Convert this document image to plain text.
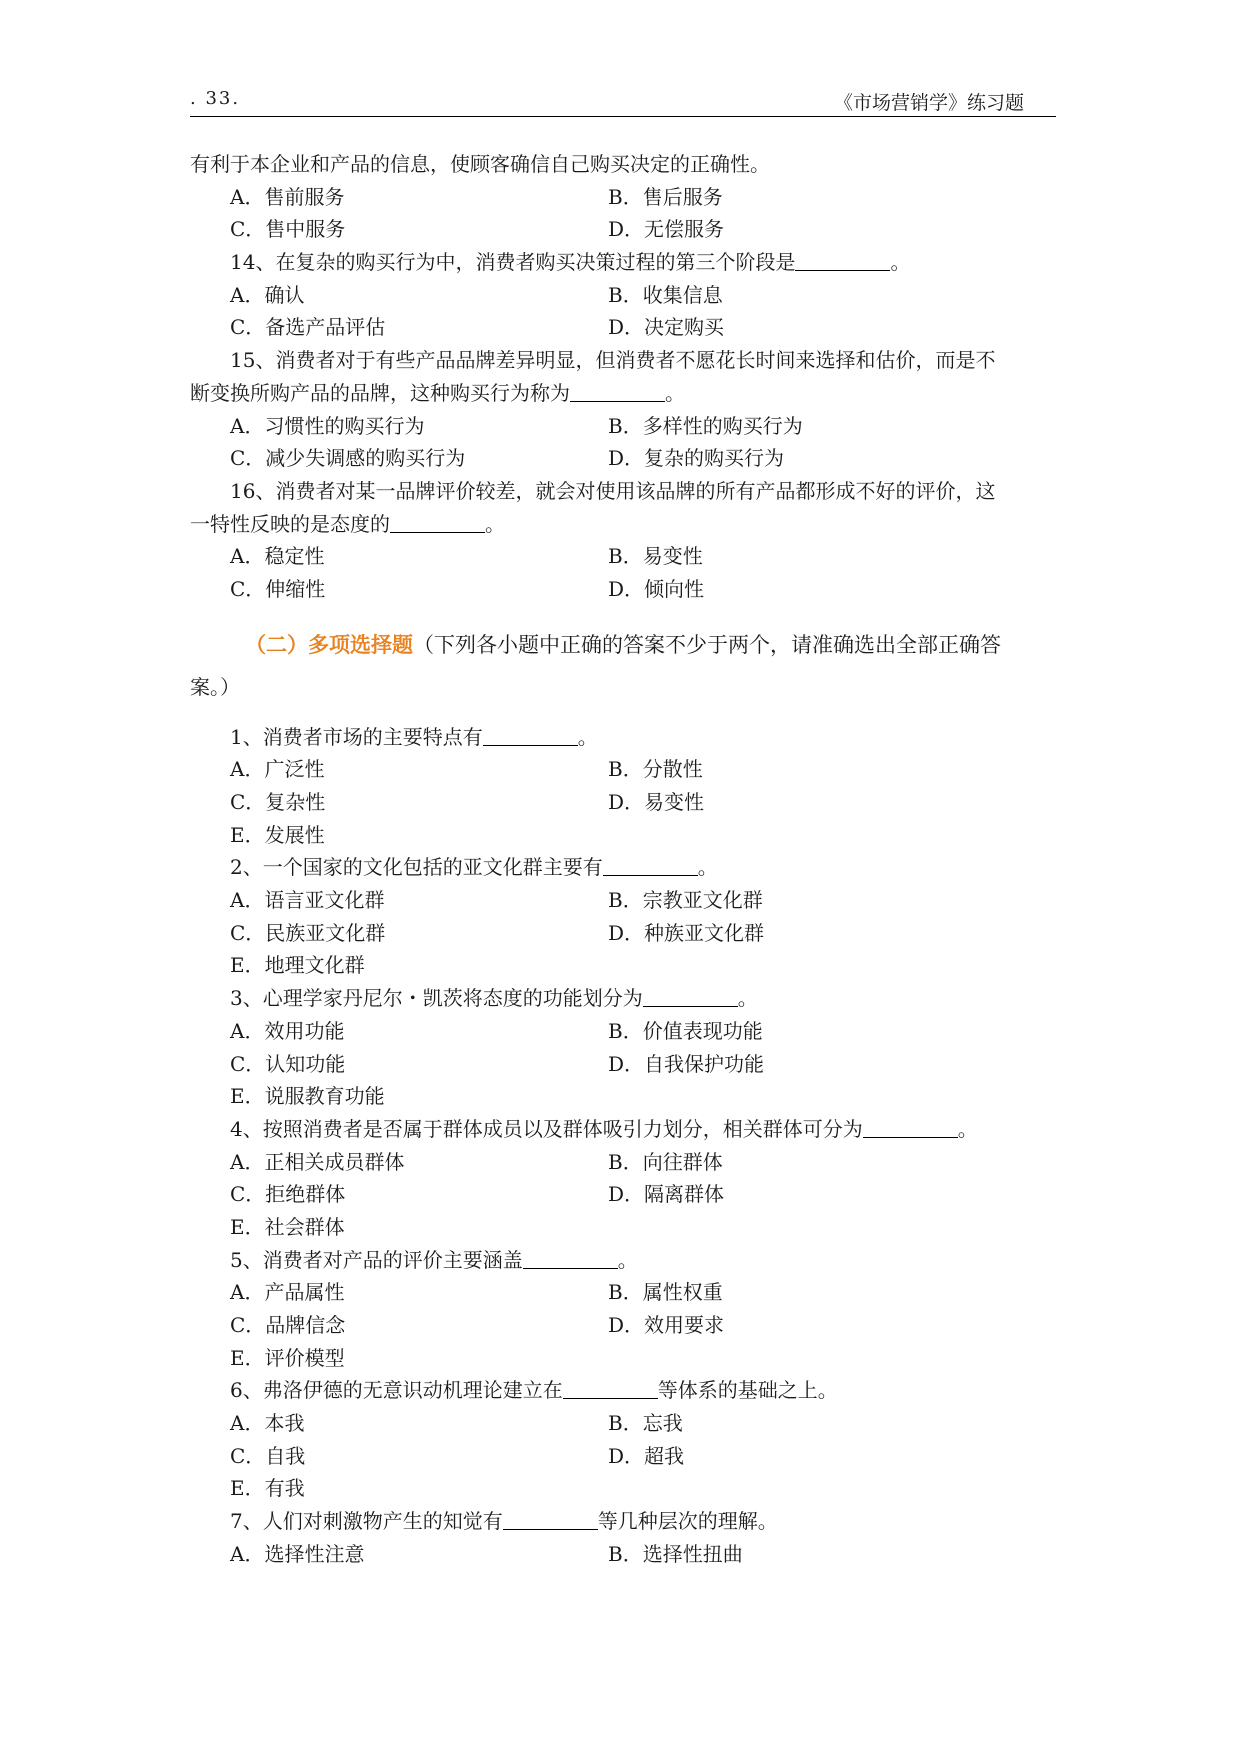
. 33.	《市场营销学》练习题
有利于本企业和产品的信息，使顾客确信自己购买决定的正确性。
A．售前服务	B．售后服务
C．售中服务	D．无偿服务
14、在复杂的购买行为中，消费者购买决策过程的第三个阶段是	。
A．确认	B．收集信息
C．备选产品评估	D．决定购买
15、消费者对于有些产品品牌差异明显，但消费者不愿花长时间来选择和估价，而是不
断变换所购产品的品牌，这种购买行为称为	。
A．习惯性的购买行为	B．多样性的购买行为
C．减少失调感的购买行为	D．复杂的购买行为
16、消费者对某一品牌评价较差，就会对使用该品牌的所有产品都形成不好的评价，这
一特性反映的是态度的	。
A．稳定性	B．易变性
C．伸缩性	D．倾向性
（二）多项选择题（下列各小题中正确的答案不少于两个，请准确选出全部正确答
案。）
1、消费者市场的主要特点有	。
A．广泛性	B．分散性
C．复杂性	D．易变性
E．发展性
2、一个国家的文化包括的亚文化群主要有	。
A．语言亚文化群	B．宗教亚文化群
C．民族亚文化群	D．种族亚文化群
E．地理文化群
3、心理学家丹尼尔・凯茨将态度的功能划分为	。
A．效用功能	B．价值表现功能
C．认知功能	D．自我保护功能
E．说服教育功能
4、按照消费者是否属于群体成员以及群体吸引力划分，相关群体可分为	。
A．正相关成员群体	B．向往群体
C．拒绝群体	D．隔离群体
E．社会群体
5、消费者对产品的评价主要涵盖	。
A．产品属性	B．属性权重
C．品牌信念	D．效用要求
E．评价模型
6、弗洛伊德的无意识动机理论建立在	等体系的基础之上。
A．本我	B．忘我
C．自我	D．超我
E．有我
7、人们对刺激物产生的知觉有	等几种层次的理解。
A．选择性注意	B．选择性扭曲
